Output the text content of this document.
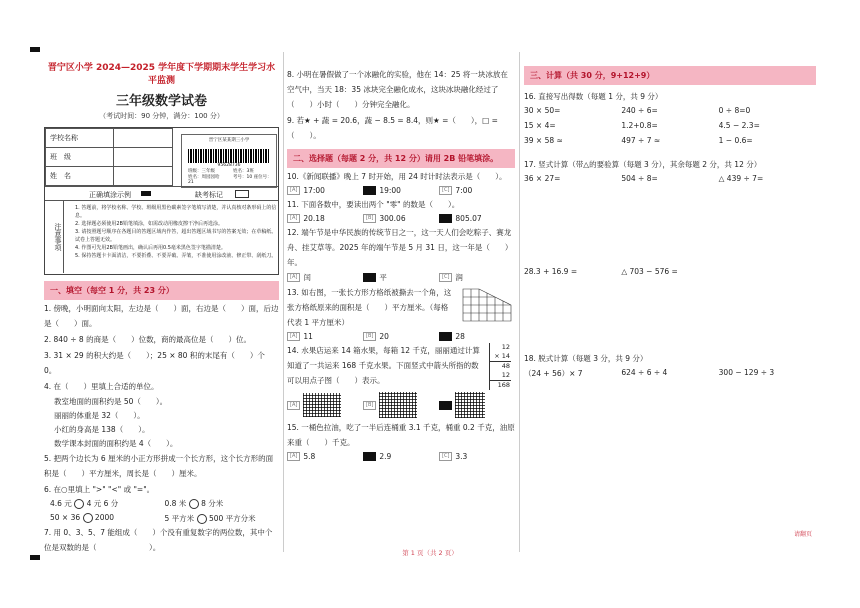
晋宁区小学 2024—2025 学年度下学期期末学生学习水平监测
三年级数学试卷
（考试时间：90 分钟，满分：100 分）
学校名称	
班　级	
姓　名	
晋宁区某某期三小学
95628736
班级：三年级　　　　姓名：3班
姓名：周园园哈　　　考号：10 座位号：21
正确填涂示例	缺考标记
注意事项
1. 答题前，将学校名称、学校、班级用黑色碳素签字笔填写清楚，并认真核对条形码上的信息。
2. 选择题必须使用2B铅笔填涂，如需改动用橡皮擦干净后再选涂。
3. 请按照题号顺序在各题目的答题区域内作答，超出答题区域书写的答案无效；在草稿纸、试卷上答题无效。
4. 作图可先用2B铅笔画出，确认后再用0.5毫米黑色签字笔描清楚。
5. 保持答题卡卡面清洁，不要折叠、不要弄破、弄皱，不准使用涂改液、修正带、刮纸刀。
一、填空（每空 1 分，共 23 分）
1. 傍晚，小明面向太阳，左边是（　　）面，右边是（　　）面，后边是（　　）面。
2. 840 ÷ 8 的商是（　　）位数，商的最高位是（　　）位。
3. 31 × 29 的积大约是（　　）；25 × 80 积的末尾有（　　）个 0。
4. 在（　　）里填上合适的单位。
教室地面的面积约是 50（　　）。
丽丽的体重是 32（　　）。
小红的身高是 138（　　）。
数学课本封面的面积约是 4（　　）。
5. 把两个边长为 6 厘米的小正方形拼成一个长方形，这个长方形的面积是（　　）平方厘米，周长是（　　）厘米。
6. 在○里填上 ">" "<" 或 "="。
4.6 元 4 元 6 分	0.8 米 8 分米
50 × 36 2000	5 平方米 500 平方分米
7. 用 0、3、5、7 能组成（　　）个没有重复数字的两位数，其中个位是双数的是（　　　　　　　）。
8. 小明在暑假做了一个冰融化的实验，他在 14：25 将一块冰放在空气中，当天 18：35 冰块完全融化成水，这块冰块融化经过了（　　）小时（　　）分钟完全融化。
9. 若★ + 蔬 = 20.6，蔬 − 8.5 = 8.4，则★ =（　　），□ =（　　）。
二、选择题（每题 2 分，共 12 分）请用 2B 铅笔填涂。
10.《新闻联播》晚上 7 时开始，用 24 时计时法表示是（　　）。
[A] 17:00	[B] 19:00	[C] 7:00
11. 下面各数中，要读出两个 "零" 的数是（　　）。
[A] 20.18	[B] 300.06	[C] 805.07
12. 端午节是中华民族的传统节日之一，这一天人们会吃粽子、赛龙舟、挂艾草等。2025 年的端午节是 5 月 31 日，这一年是（　　）年。
[A] 闰	[B] 平	[C] 润
13. 如右图，一张长方形方格纸被撕去一个角，这张方格纸原来的面积是（　　）平方厘米。（每格代表 1 平方厘米）
[A] 11	[B] 20	[C] 28
14. 水果店运来 14 箱水果，每箱 12 千克，丽丽通过计算知道了一共运来 168 千克水果。下面竖式中箭头所指的数可以用点子图（　　）表示。
12
× 14
48
12
168
[A]	[B]	[C]
15. 一桶色拉油，吃了一半后连桶重 3.1 千克，桶重 0.2 千克，油原来重（　　）千克。
[A] 5.8	[B] 2.9	[C] 3.3
三、计算（共 30 分，9+12+9）
16. 直接写出得数（每题 1 分，共 9 分）
30 × 50=	240 ÷ 6=	0 ÷ 8=0
15 × 4=	1.2+0.8=	4.5 − 2.3=
39 × 58 ≈	497 ÷ 7 ≈	1 − 0.6=
17. 竖式计算（带△的要验算（每题 3 分），其余每题 2 分，共 12 分）
36 × 27=	504 ÷ 8=	△ 439 ÷ 7=
28.3 + 16.9 =	△ 703 − 576 =
18. 脱式计算（每题 3 分，共 9 分）
（24 + 56）× 7	624 ÷ 6 ÷ 4	300 − 129 ÷ 3
请翻页
第 1 页（共 2 页）
